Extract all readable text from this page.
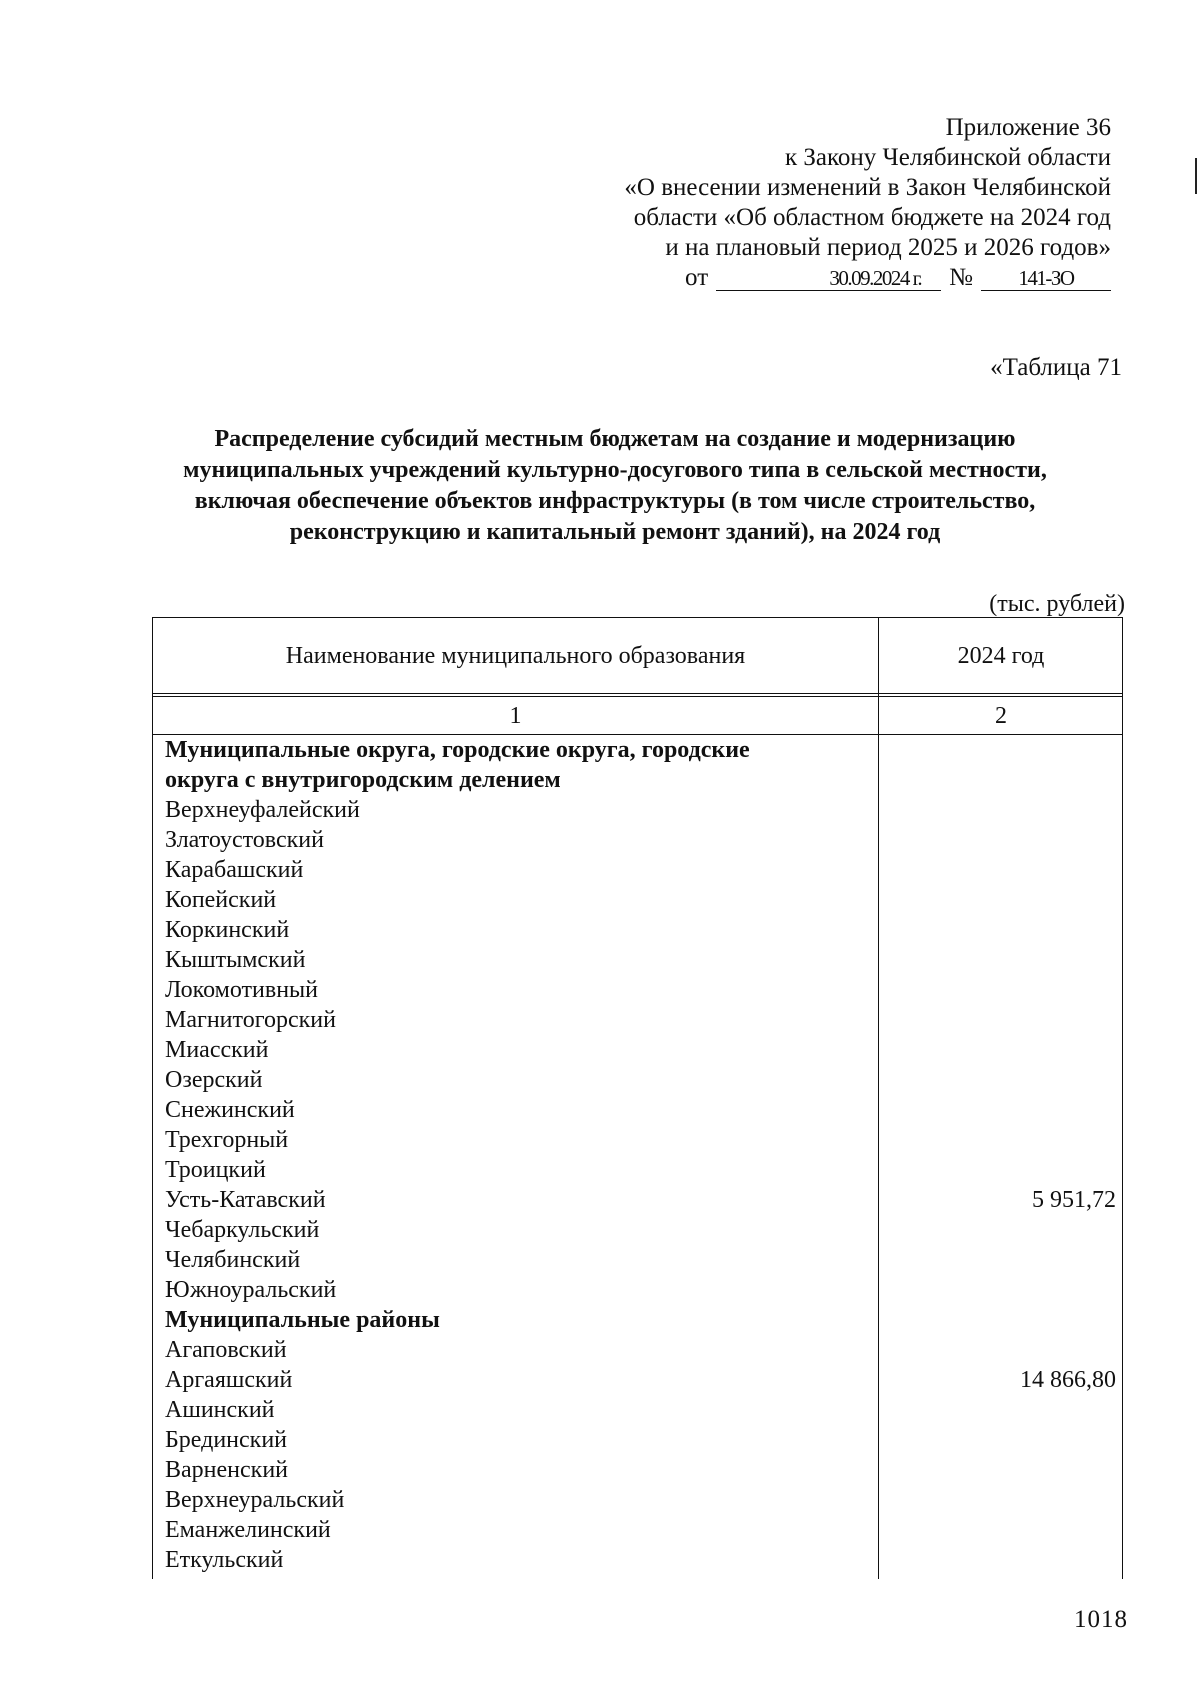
Приложение 36
к Закону Челябинской области
«О внесении изменений в Закон Челябинской
области «Об областном бюджете на 2024 год
и на плановый период 2025 и 2026 годов»
от	30.09.2024 г.	№	141-ЗО
«Таблица 71
Распределение субсидий местным бюджетам на создание и модернизацию муниципальных учреждений культурно-досугового типа в сельской местности, включая обеспечение объектов инфраструктуры (в том числе строительство, реконструкцию и капитальный ремонт зданий), на 2024 год
(тыс. рублей)
Наименование муниципального образования	2024 год
1	2
Муниципальные округа, городские округа, городские
округа с внутригородским делением
Верхнеуфалейский
Златоустовский
Карабашский
Копейский
Коркинский
Кыштымский
Локомотивный
Магнитогорский
Миасский
Озерский
Снежинский
Трехгорный
Троицкий
Усть-Катавский	5 951,72
Чебаркульский
Челябинский
Южноуральский
Муниципальные районы
Агаповский
Аргаяшский	14 866,80
Ашинский
Брединский
Варненский
Верхнеуральский
Еманжелинский
Еткульский
1018
